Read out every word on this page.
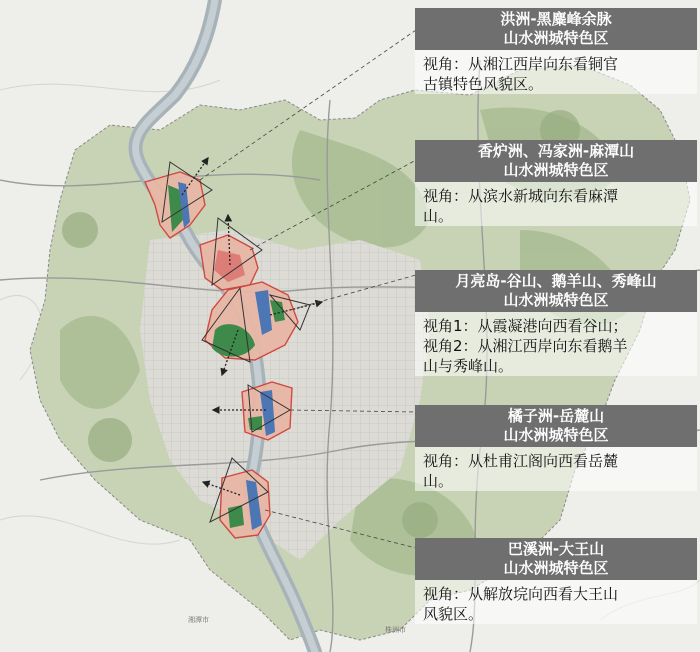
湘潭市
株洲市
洪洲-黑麋峰余脉
山水洲城特色区
视角：从湘江西岸向东看铜官
古镇特色风貌区。
香炉洲、冯家洲-麻潭山
山水洲城特色区
视角：从滨水新城向东看麻潭
山。
月亮岛-谷山、鹅羊山、秀峰山
山水洲城特色区
视角1：从霞凝港向西看谷山；
视角2：从湘江西岸向东看鹅羊
山与秀峰山。
橘子洲-岳麓山
山水洲城特色区
视角：从杜甫江阁向西看岳麓
山。
巴溪洲-大王山
山水洲城特色区
视角：从解放垸向西看大王山
风貌区。
